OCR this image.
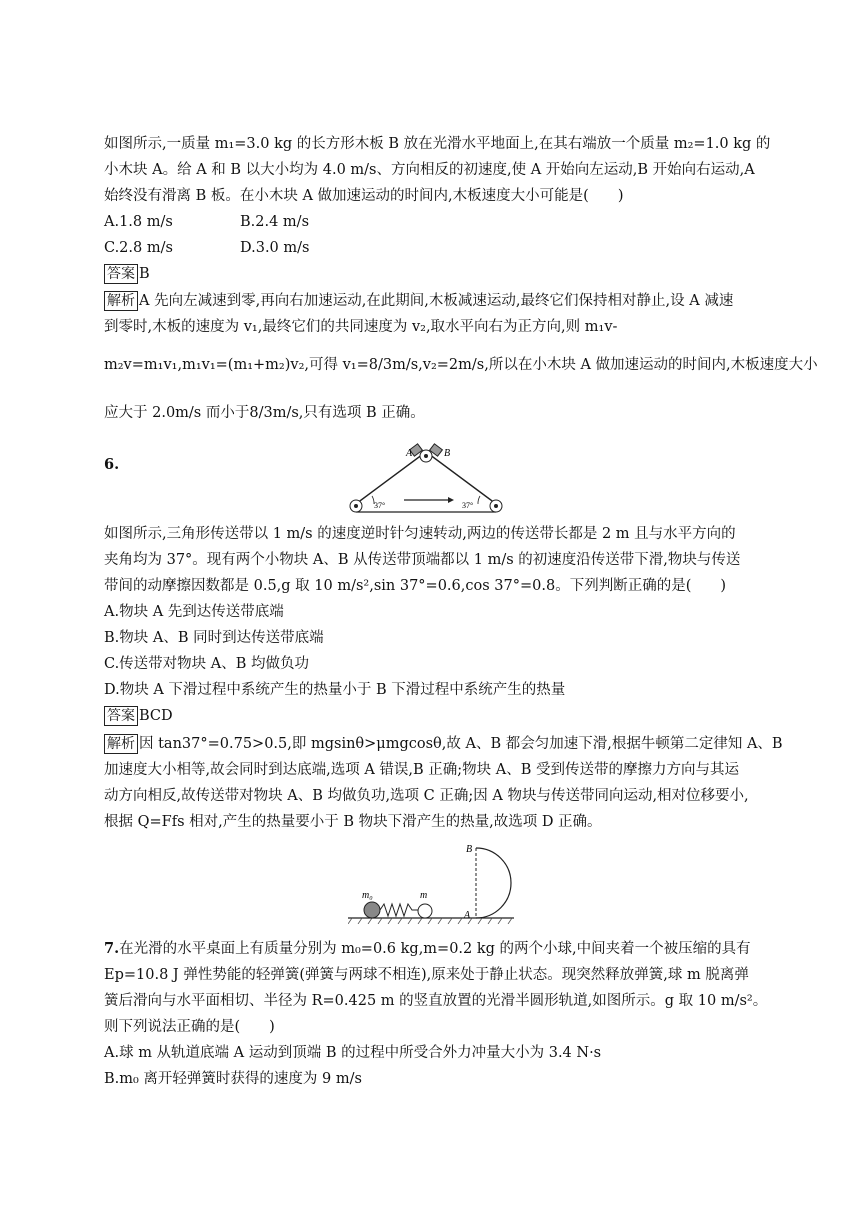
如图所示,一质量 m₁=3.0 kg 的长方形木板 B 放在光滑水平地面上,在其右端放一个质量 m₂=1.0 kg 的
小木块 A。给 A 和 B 以大小均为 4.0 m/s、方向相反的初速度,使 A 开始向左运动,B 开始向右运动,A
始终没有滑离 B 板。在小木块 A 做加速运动的时间内,木板速度大小可能是(　　)
A.1.8 m/s	B.2.4 m/s
C.2.8 m/s	D.3.0 m/s
答案 B
解析 A 先向左减速到零,再向右加速运动,在此期间,木板减速运动,最终它们保持相对静止,设 A 减速
到零时,木板的速度为 v₁,最终它们的共同速度为 v₂,取水平向右为正方向,则 m₁v-
m₂v=m₁v₁,m₁v₁=(m₁+m₂)v₂,可得 v₁=8/3m/s,v₂=2m/s,所以在小木块 A 做加速运动的时间内,木板速度大小
应大于 2.0m/s 而小于8/3m/s,只有选项 B 正确。
6.
A	B
37°	37°
如图所示,三角形传送带以 1 m/s 的速度逆时针匀速转动,两边的传送带长都是 2 m 且与水平方向的
夹角均为 37°。现有两个小物块 A、B 从传送带顶端都以 1 m/s 的初速度沿传送带下滑,物块与传送
带间的动摩擦因数都是 0.5,g 取 10 m/s²,sin 37°=0.6,cos 37°=0.8。下列判断正确的是(　　)
A.物块 A 先到达传送带底端
B.物块 A、B 同时到达传送带底端
C.传送带对物块 A、B 均做负功
D.物块 A 下滑过程中系统产生的热量小于 B 下滑过程中系统产生的热量
答案 BCD
解析 因 tan37°=0.75>0.5,即 mgsinθ>μmgcosθ,故 A、B 都会匀加速下滑,根据牛顿第二定律知 A、B
加速度大小相等,故会同时到达底端,选项 A 错误,B 正确;物块 A、B 受到传送带的摩擦力方向与其运
动方向相反,故传送带对物块 A、B 均做负功,选项 C 正确;因 A 物块与传送带同向运动,相对位移要小,
根据 Q=Ffs 相对,产生的热量要小于 B 物块下滑产生的热量,故选项 D 正确。
m₀	m
A
B
7.在光滑的水平桌面上有质量分别为 m₀=0.6 kg,m=0.2 kg 的两个小球,中间夹着一个被压缩的具有
Ep=10.8 J 弹性势能的轻弹簧(弹簧与两球不相连),原来处于静止状态。现突然释放弹簧,球 m 脱离弹
簧后滑向与水平面相切、半径为 R=0.425 m 的竖直放置的光滑半圆形轨道,如图所示。g 取 10 m/s²。
则下列说法正确的是(　　)
A.球 m 从轨道底端 A 运动到顶端 B 的过程中所受合外力冲量大小为 3.4 N·s
B.m₀ 离开轻弹簧时获得的速度为 9 m/s
